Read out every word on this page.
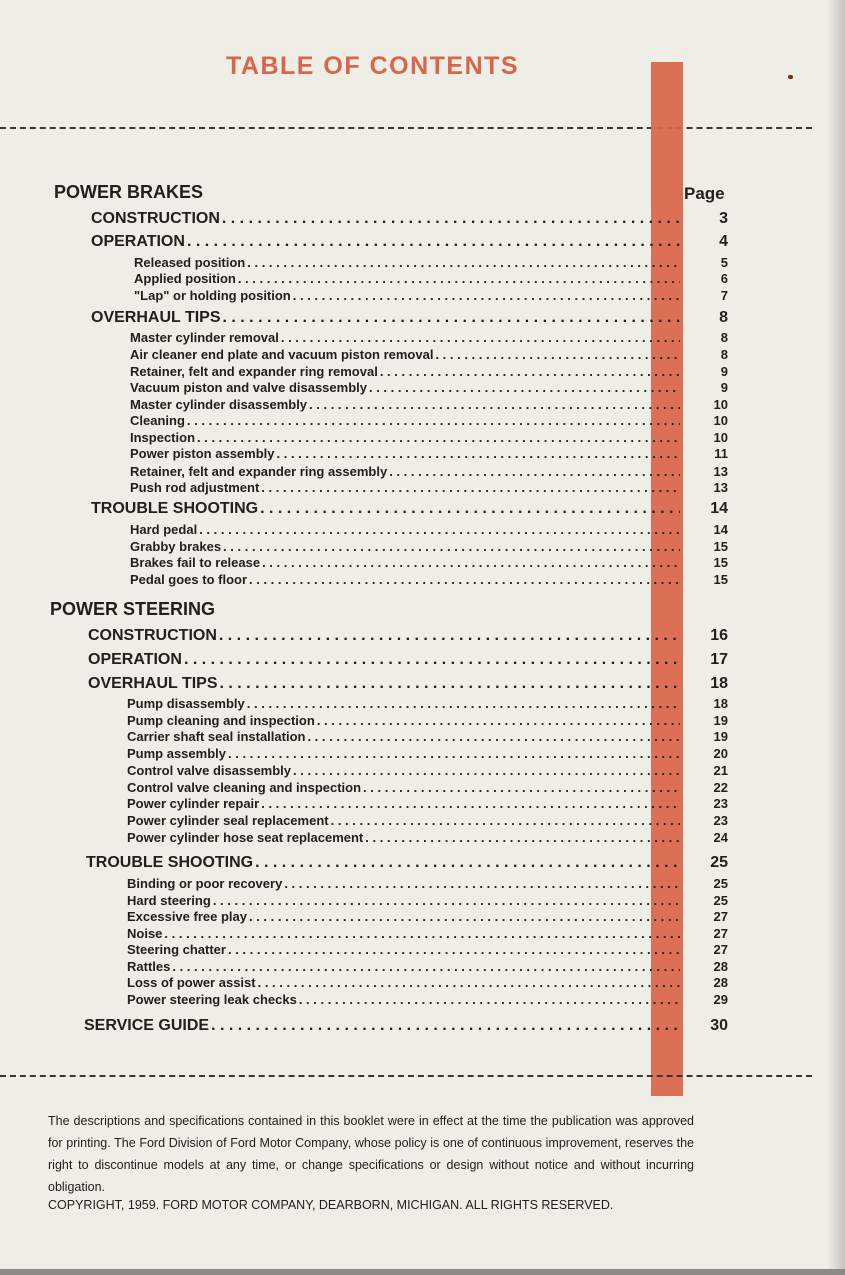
TABLE OF CONTENTS
Page
POWER BRAKES
CONSTRUCTION . . .	3
OPERATION . . .	4
Released position . . .	5
Applied position . . .	6
"Lap" or holding position . . .	7
OVERHAUL TIPS . . .	8
Master cylinder removal . . .	8
Air cleaner end plate and vacuum piston removal . . .	8
Retainer, felt and expander ring removal . . .	9
Vacuum piston and valve disassembly . . .	9
Master cylinder disassembly . . .	10
Cleaning . . .	10
Inspection . . .	10
Power piston assembly . . .	11
Retainer, felt and expander ring assembly . . .	13
Push rod adjustment . . .	13
TROUBLE SHOOTING . . .	14
Hard pedal . . .	14
Grabby brakes . . .	15
Brakes fail to release . . .	15
Pedal goes to floor . . .	15
POWER STEERING
CONSTRUCTION . . .	16
OPERATION . . .	17
OVERHAUL TIPS . . .	18
Pump disassembly . . .	18
Pump cleaning and inspection . . .	19
Carrier shaft seal installation . . .	19
Pump assembly . . .	20
Control valve disassembly . . .	21
Control valve cleaning and inspection . . .	22
Power cylinder repair . . .	23
Power cylinder seal replacement . . .	23
Power cylinder hose seat replacement . . .	24
TROUBLE SHOOTING . . .	25
Binding or poor recovery . . .	25
Hard steering . . .	25
Excessive free play . . .	27
Noise . . .	27
Steering chatter . . .	27
Rattles . . .	28
Loss of power assist . . .	28
Power steering leak checks . . .	29
SERVICE GUIDE . . .	30
The descriptions and specifications contained in this booklet were in effect at the time the publication was approved for printing. The Ford Division of Ford Motor Company, whose policy is one of continuous improvement, reserves the right to discontinue models at any time, or change specifications or design without notice and without incurring obligation.
COPYRIGHT, 1959. FORD MOTOR COMPANY, DEARBORN, MICHIGAN. ALL RIGHTS RESERVED.
